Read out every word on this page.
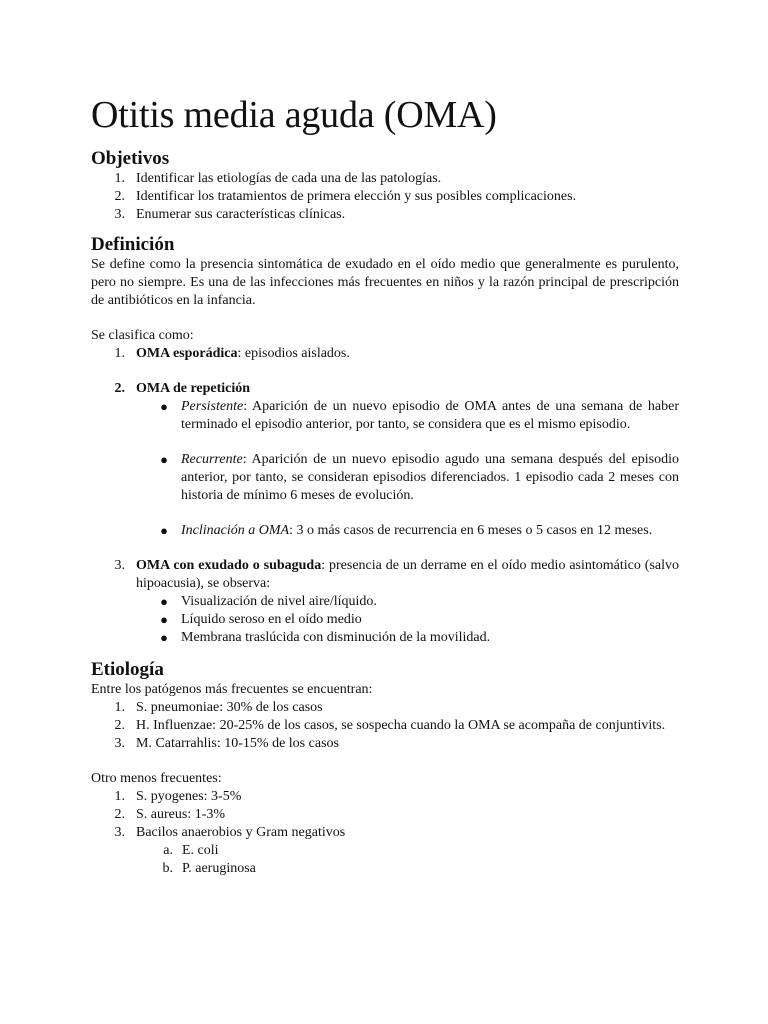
Otitis media aguda (OMA)
Objetivos
1. Identificar las etiologías de cada una de las patologías.
2. Identificar los tratamientos de primera elección y sus posibles complicaciones.
3. Enumerar sus características clínicas.
Definición

Se define como la presencia sintomática de exudado en el oído medio que generalmente es purulento, pero no siempre. Es una de las infecciones más frecuentes en niños y la razón principal de prescripción de antibióticos en la infancia.

Se clasifica como:

1. OMA esporádica: episodios aislados.
2. OMA de repetición
● Persistente: Aparición de un nuevo episodio de OMA antes de una semana de haber terminado el episodio anterior, por tanto, se considera que es el mismo episodio.
● Recurrente: Aparición de un nuevo episodio agudo una semana después del episodio anterior, por tanto, se consideran episodios diferenciados. 1 episodio cada 2 meses con historia de mínimo 6 meses de evolución.
● Inclinación a OMA: 3 o más casos de recurrencia en 6 meses o 5 casos en 12 meses.
3. OMA con exudado o subaguda: presencia de un derrame en el oído medio asintomático (salvo hipoacusia), se observa:
● Visualización de nivel aire/líquido.
● Líquido seroso en el oído medio
● Membrana traslúcida con disminución de la movilidad.
Etiología

Entre los patógenos más frecuentes se encuentran:

1. S. pneumoniae: 30% de los casos
2. H. Influenzae: 20-25% de los casos, se sospecha cuando la OMA se acompaña de conjuntivits.
3. M. Catarrahlis: 10-15% de los casos

Otro menos frecuentes:

1. S. pyogenes: 3-5%
2. S. aureus: 1-3%
3. Bacilos anaerobios y Gram negativos
a. E. coli
b. P. aeruginosa
